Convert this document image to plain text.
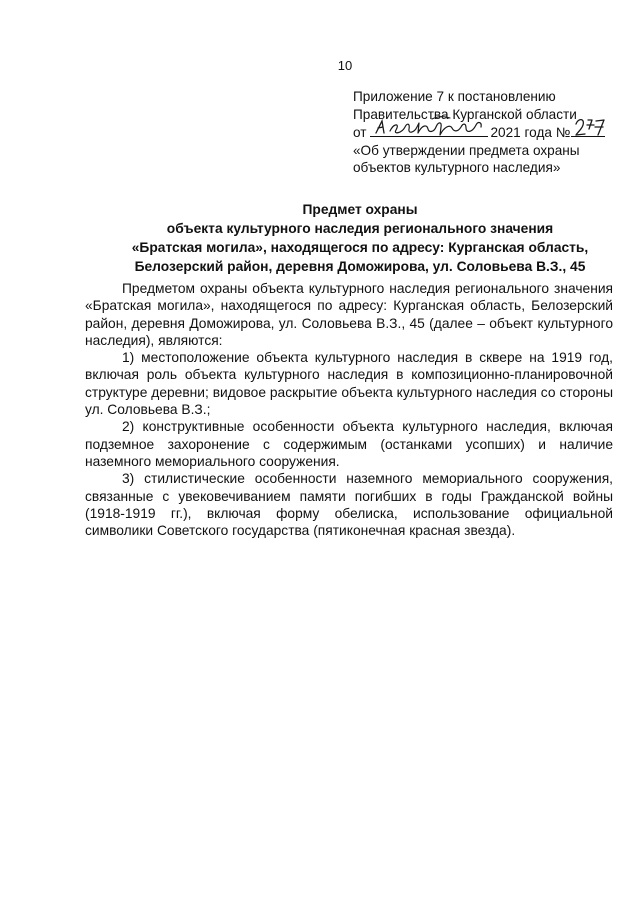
10
Приложение 7 к постановлению
Правительства Курганской области
от	2021 года №
«Об утверждении предмета охраны
объектов культурного наследия»
Предмет охраны
объекта культурного наследия регионального значения
«Братская могила», находящегося по адресу: Курганская область,
Белозерский район, деревня Доможирова, ул. Соловьева В.З., 45

Предметом охраны объекта культурного наследия регионального значения «Братская могила», находящегося по адресу: Курганская область, Белозерский район, деревня Доможирова, ул. Соловьева В.З., 45 (далее – объект культурного наследия), являются:

1) местоположение объекта культурного наследия в сквере на 1919 год, включая роль объекта культурного наследия в композиционно-планировочной структуре деревни; видовое раскрытие объекта культурного наследия со стороны ул. Соловьева В.З.;

2) конструктивные особенности объекта культурного наследия, включая подземное захоронение с содержимым (останками усопших) и наличие наземного мемориального сооружения.

3) стилистические особенности наземного мемориального сооружения, связанные с увековечиванием памяти погибших в годы Гражданской войны (1918-1919 гг.), включая форму обелиска, использование официальной символики Советского государства (пятиконечная красная звезда).
